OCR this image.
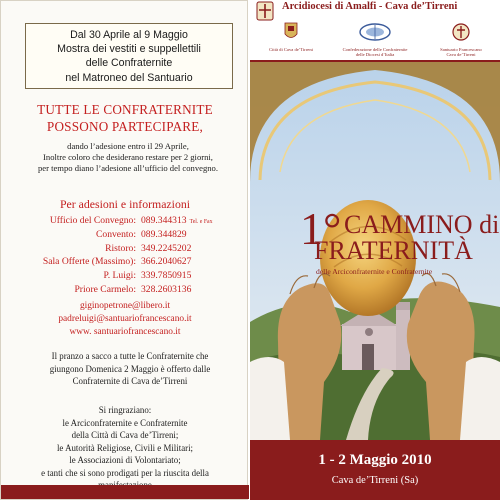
Dal 30 Aprile al 9 Maggio
Mostra dei vestiti e suppellettili
delle Confraternite
nel Matroneo del Santuario
TUTTE LE CONFRATERNITE
POSSONO PARTECIPARE,
dando l’adesione entro il 29 Aprile,
Inoltre coloro che desiderano restare per 2 giorni,
per tempo diano l’adesione all’ufficio del convegno.
Per adesioni e informazioni
Ufficio del Convegno: 089.344313 Tel. e Fax
Convento: 089.344829
Ristoro: 349.2245202
Sala Offerte (Massimo): 366.2040627
P. Luigi: 339.7850915
Priore Carmelo: 328.2603136
giginopetrone@libero.it
padreluigi@santuariofrancescano.it
www. santuariofrancescano.it
Il pranzo a sacco a tutte le Confraternite che
giungono Domenica 2 Maggio è offerto dalle
Confraternite di Cava de’Tirreni
Si ringraziano:
le Arciconfraternite e Confraternite
della Città di Cava de’Tirreni;
le Autorità Religiose, Civili e Militari;
le Associazioni di Volontariato;
e tanti che si sono prodigati per la riuscita della
Arcidiocesi di Amalfi - Cava de’Tirreni
Città di Cava de’Tirreni	Confederazione delle Confraternite
delle Diocesi d’Italia
Santuario Francescano
Cava de’Tirreni
1° CAMMINO di
FRATERNITÀ
delle Arciconfraternite e Confraternite
1 - 2 Maggio 2010
Cava de’Tirreni (Sa)
